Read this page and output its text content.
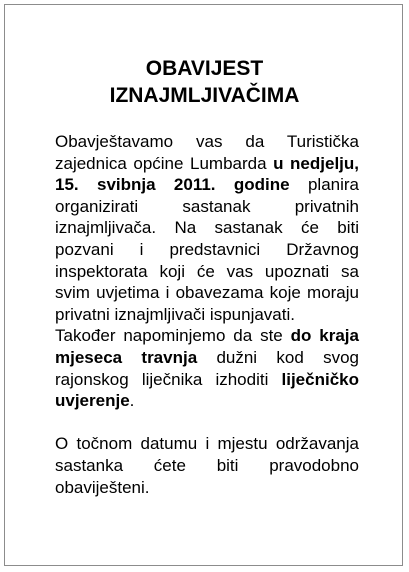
OBAVIJEST
IZNAJMLJIVAČIMA

Obavještavamo vas da Turistička zajednica općine Lumbarda u nedjelju, 15. svibnja 2011. godine planira organizirati sastanak privatnih iznajmljivača. Na sastanak će biti pozvani i predstavnici Državnog inspektorata koji će vas upoznati sa svim uvjetima i obavezama koje moraju privatni iznajmljivači ispunjavati.

Također napominjemo da ste do kraja mjeseca travnja dužni kod svog rajonskog liječnika izhoditi liječničko uvjerenje.

O točnom datumu i mjestu održavanja sastanka ćete biti pravodobno obaviješteni.
